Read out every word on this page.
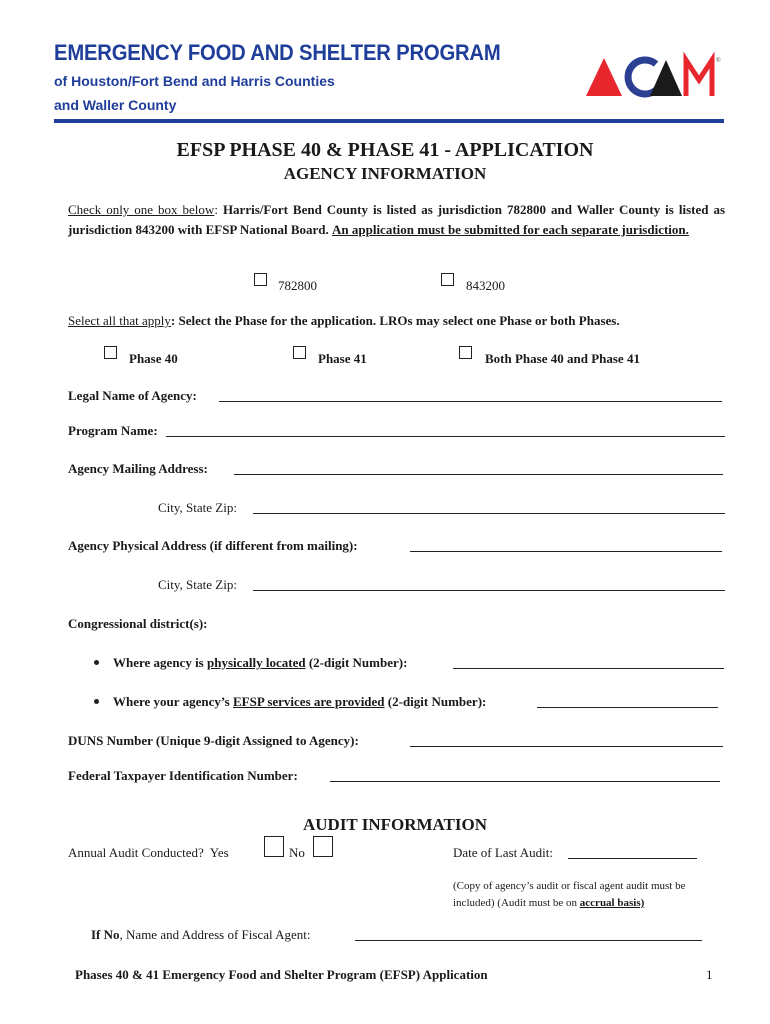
EMERGENCY FOOD AND SHELTER PROGRAM
of Houston/Fort Bend and Harris Counties
and Waller County
®
EFSP PHASE 40 & PHASE 41 - APPLICATION
AGENCY INFORMATION
Check only one box below: Harris/Fort Bend County is listed as jurisdiction 782800 and Waller County is listed as jurisdiction 843200 with EFSP National Board. An application must be submitted for each separate jurisdiction.
782800	843200
Select all that apply: Select the Phase for the application. LROs may select one Phase or both Phases.
Phase 40	Phase 41	Both Phase 40 and Phase 41
Legal Name of Agency:
Program Name:
Agency Mailing Address:
City, State Zip:
Agency Physical Address (if different from mailing):
City, State Zip:
Congressional district(s):
Where agency is physically located (2-digit Number):
Where your agency’s EFSP services are provided (2-digit Number):
DUNS Number (Unique 9-digit Assigned to Agency):
Federal Taxpayer Identification Number:
AUDIT INFORMATION
Annual Audit Conducted? Yes	No	Date of Last Audit:
(Copy of agency’s audit or fiscal agent audit must be included) (Audit must be on accrual basis)
If No, Name and Address of Fiscal Agent:
Phases 40 & 41 Emergency Food and Shelter Program (EFSP) Application	1
